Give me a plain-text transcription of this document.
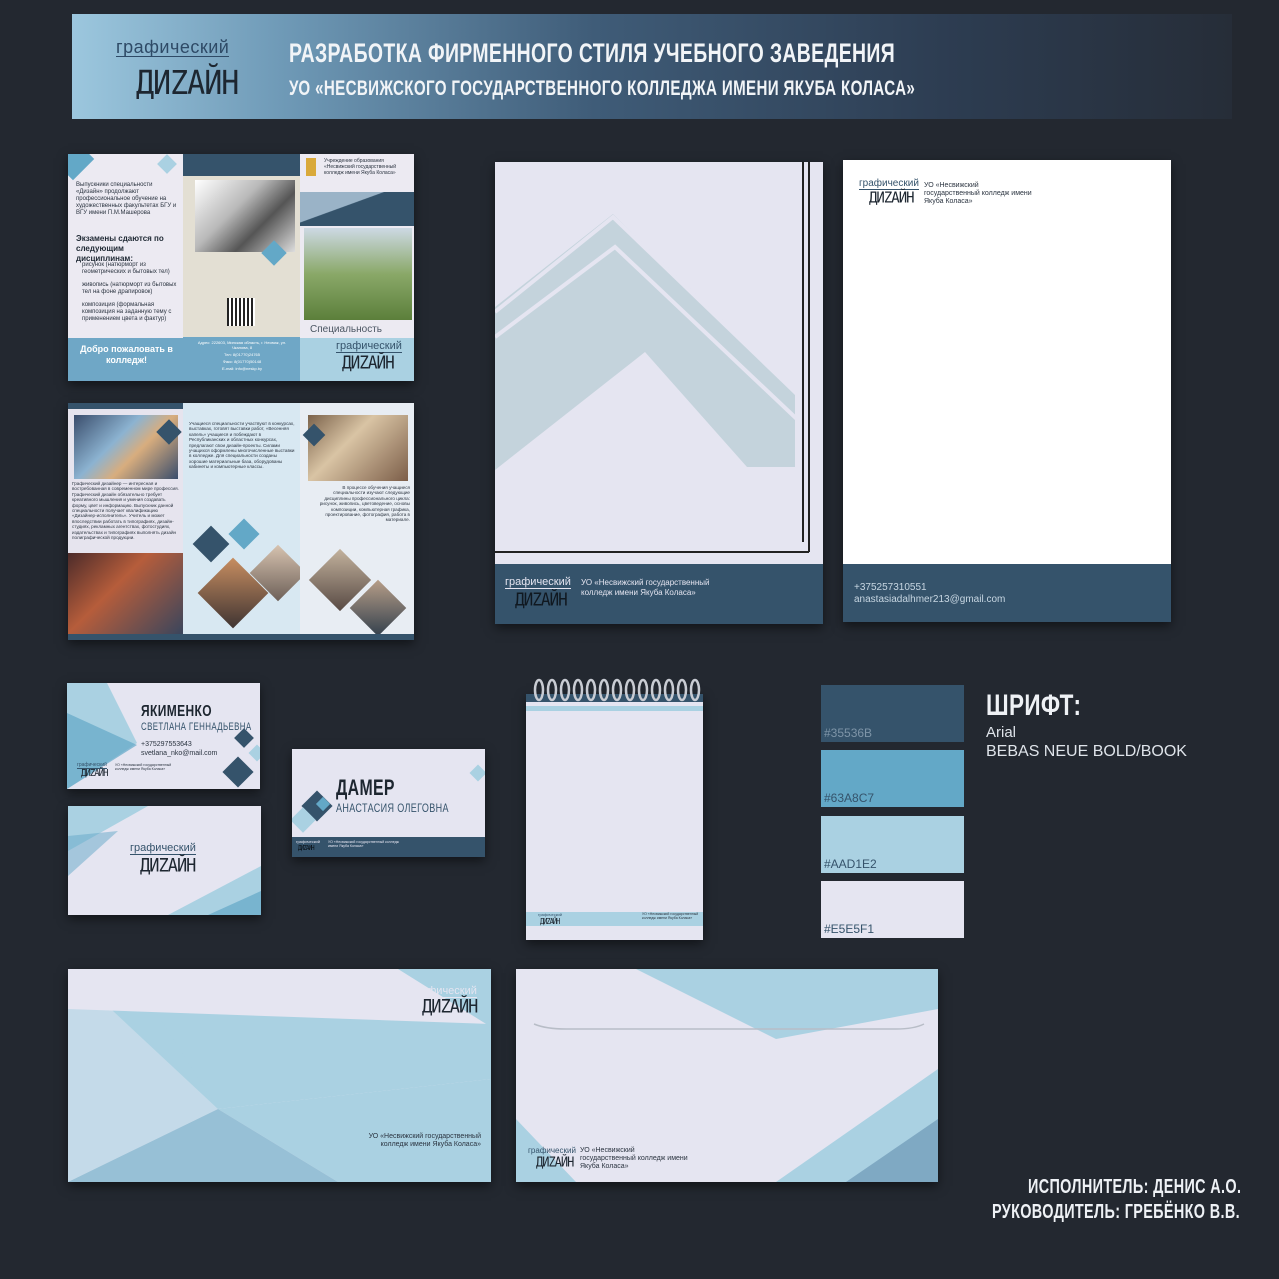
графический
ДИZАЙН
РАЗРАБОТКА ФИРМЕННОГО СТИЛЯ УЧЕБНОГО ЗАВЕДЕНИЯ
УО «НЕСВИЖСКОГО ГОСУДАРСТВЕННОГО КОЛЛЕДЖА ИМЕНИ ЯКУБА КОЛАСА»
Выпускники специальности «Дизайн» продолжают профессиональное обучение на художественных факультетах БГУ и ВГУ имени П.М.Машерова
Экзамены сдаются по следующим дисциплинам:
рисунок (натюрморт из геометрических и бытовых тел)
живопись (натюрморт из бытовых тел на фоне драпировок)
композиция (формальная композиция на заданную тему с применением цвета и фактур)
Добро пожаловать в колледж!
Адрес: 222603, Минская область, г. Несвиж, ул. Чкалова, 8
Тел: 8(01770)24765
Факс: 8(01770)50148
E-mail: info@neskp.by
Учреждение образования «Несвижский государственный колледж имени Якуба Коласа»
Специальность
графический
ДИZАЙН
Графический дизайнер — интересная и востребованная в современном мире профессия. Графический дизайн обязательно требует креативного мышления и умения создавать форму, цвет и информацию. Выпускник данной специальности получает квалификацию «Дизайнер-исполнитель». Учитель и может впоследствии работать в типографиях, дизайн-студиях, рекламных агентствах, фотостудиях, издательствах и типографиях выполнять дизайн полиграфической продукции.
Учащиеся специальности участвуют в конкурсах, выставках, готовят выставки работ, «Весенняя капель» учащиеся и побеждают в Республиканских и областных конкурсах, предлагают свои дизайн-проекты. Силами учащихся оформлены многочисленные выставки в колледже. Для специальности созданы хорошие материальные база, оборудованы кабинеты и компьютерные классы.
В процессе обучения учащиеся специальности изучают следующие дисциплины профессионального цикла: рисунок, живопись, цветоведение, основы композиции, компьютерная графика, проектирование, фотография, работа в материале.
графический
ДИZАЙН
УО «Несвижский государственный колледж имени Якуба Коласа»
графический
ДИZАЙН
УО «Несвижский государственный колледж имени Якуба Коласа»
+375257310551
anastasiadalhmer213@gmail.com
ЯКИМЕНКО
СВЕТЛАНА ГЕННАДЬЕВНА
+375297553643
svetlana_nko@mail.com
графический
ДИZАЙН
УО «Несвижский государственный колледж имени Якуба Коласа»
графический
ДИZАЙН
ДАМЕР
АНАСТАСИЯ ОЛЕГОВНА
графический
ДИZАЙН
УО «Несвижский государственный колледж имени Якуба Коласа»
графический
ДИZАЙН
УО «Несвижский государственный колледж имени Якуба Коласа»
#35536B
#63A8C7
#AAD1E2
#E5E5F1
ШРИФТ:
Arial
BEBAS NEUE BOLD/BOOK
графический
ДИZАЙН
УО «Несвижский государственный колледж имени Якуба Коласа»
графический
ДИZАЙН
УО «Несвижский государственный колледж имени Якуба Коласа»
ИСПОЛНИТЕЛЬ: ДЕНИС А.О.
РУКОВОДИТЕЛЬ: ГРЕБЁНКО В.В.
